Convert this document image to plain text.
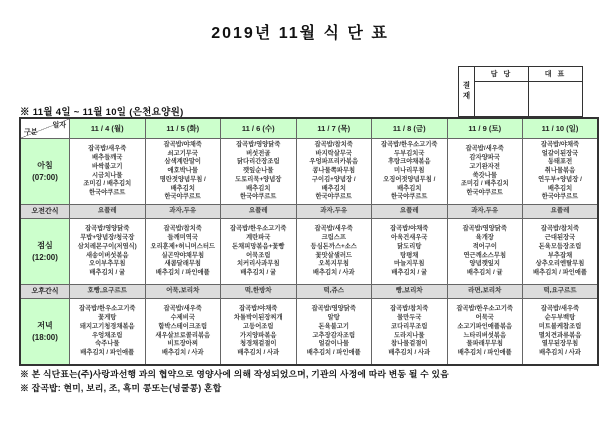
2019년 11월 식 단 표
결재	담 당	대 표

※ 11월 4일 ~ 11월 10일 (은천요양원)
일자
구분	11 / 4 (월)	11 / 5 (화)	11 / 6 (수)	11 / 7 (목)	11 / 8 (금)	11 / 9 (토)	11 / 10 (일)

아침
(07:00)

잡곡밥/새우죽
배추들깨국
바싹불고기
시금치나물
조미김 / 배추김치
한국야쿠르트

잡곡밥/야채죽
쇠고기무국
삼색계란말이
애호박나물
명란젓양념무침 /
배추김치
한국야쿠르트

잡곡밥/영양닭죽
버섯전골
닭다리간장조림
깻잎순나물
도토리묵+양념장
배추김치
한국야쿠르트

잡곡밥/참치죽
바지락살무국
우엉파프리카볶음
콩나물쪽파무침
구이김+양념장 /
배추김치
한국야쿠르트

잡곡밥/한우소고기죽
두부김치국
후랑크야채볶음
미나리무침
오징어젓양념무침 /
배추김치
한국야쿠르트

잡곡밥/새우죽
감자양파국
고기완자전
쑥갓나물
조미김 / 배추김치
한국야쿠르트

잡곡밥/야채죽
얼갈이된장국
동태포전
취나물볶음
연두부+양념장 /
배추김치
한국야쿠르트

오전간식	요플레	과자,두유	요플레	과자,두유	요플레	과자,두유	요플레

점심
(12:00)

잡곡밥/영양닭죽
무밥+양념장/청국장
삼치레몬구이(저염식)
새송이버섯볶음
오이부추무침
배추김치 / 귤

잡곡밥/참치죽
들깨미역국
오리훈제+허니머스터드
실곤약야채무침
새콤달래무침
배추김치 / 파인애플

잡곡밥/한우소고기죽
계란파국
돈채피망볶음+꽃빵
어묵조림
치커리사과무침
배추김치 / 귤

잡곡밥/새우죽
크림스프
등심돈까스+소스
꽃맛살샐러드
오복지무침
배추김치 / 사과

잡곡밥/야채죽
아욱건새우국
닭도리탕
탕평채
마늘지무침
배추김치 / 귤

잡곡밥/영양닭죽
육개장
적어구이
연근깨소스무침
양념깻잎지
배추김치 / 귤

잡곡밥/참치죽
근대된장국
돈육모듬장조림
부추잡채
상추오리엔탈무침
배추김치 / 파인애플

오후간식	호빵,요구르트	어묵,보리차	떡,한방차	떡,쥬스	빵,보리차	라면,보리차	떡,요구르트

저녁
(18:00)

잡곡밥/한우소고기죽
꽃게탕
돼지고기청경채볶음
우엉채조림
숙주나물
배추김치 / 파인애플

잡곡밥/새우죽
수제비국
함박스테이크조림
새우살브로콜리볶음
비트장아찌
배추김치 / 사과

잡곡밥/야채죽
차돌박이된장찌개
고등어조림
가지양파볶음
청경채겉절이
배추김치 / 사과

잡곡밥/영양닭죽
알탕
돈육불고기
고추장감자조림
얼갈이나물
배추김치 / 파인애플

잡곡밥/참치죽
물만두국
코다리무조림
도라지나물
참나물겉절이
배추김치 / 사과

잡곡밥/한우소고기죽
어묵국
소고기파인애플볶음
느타리버섯볶음
물파래무무침
배추김치 / 파인애플

잡곡밥/새우죽
순두부백탕
미트볼케찹조림
멸치견과류볶음
열무된장무침
배추김치 / 사과
※ 본 식단표는(주)사랑과선행 과의 협약으로 영양사에 의해 작성되었으며, 기관의 사정에 따라 변동 될 수 있음
※ 잡곡밥: 현미, 보리, 조, 흑미 콩또는(넝쿨콩) 혼합
